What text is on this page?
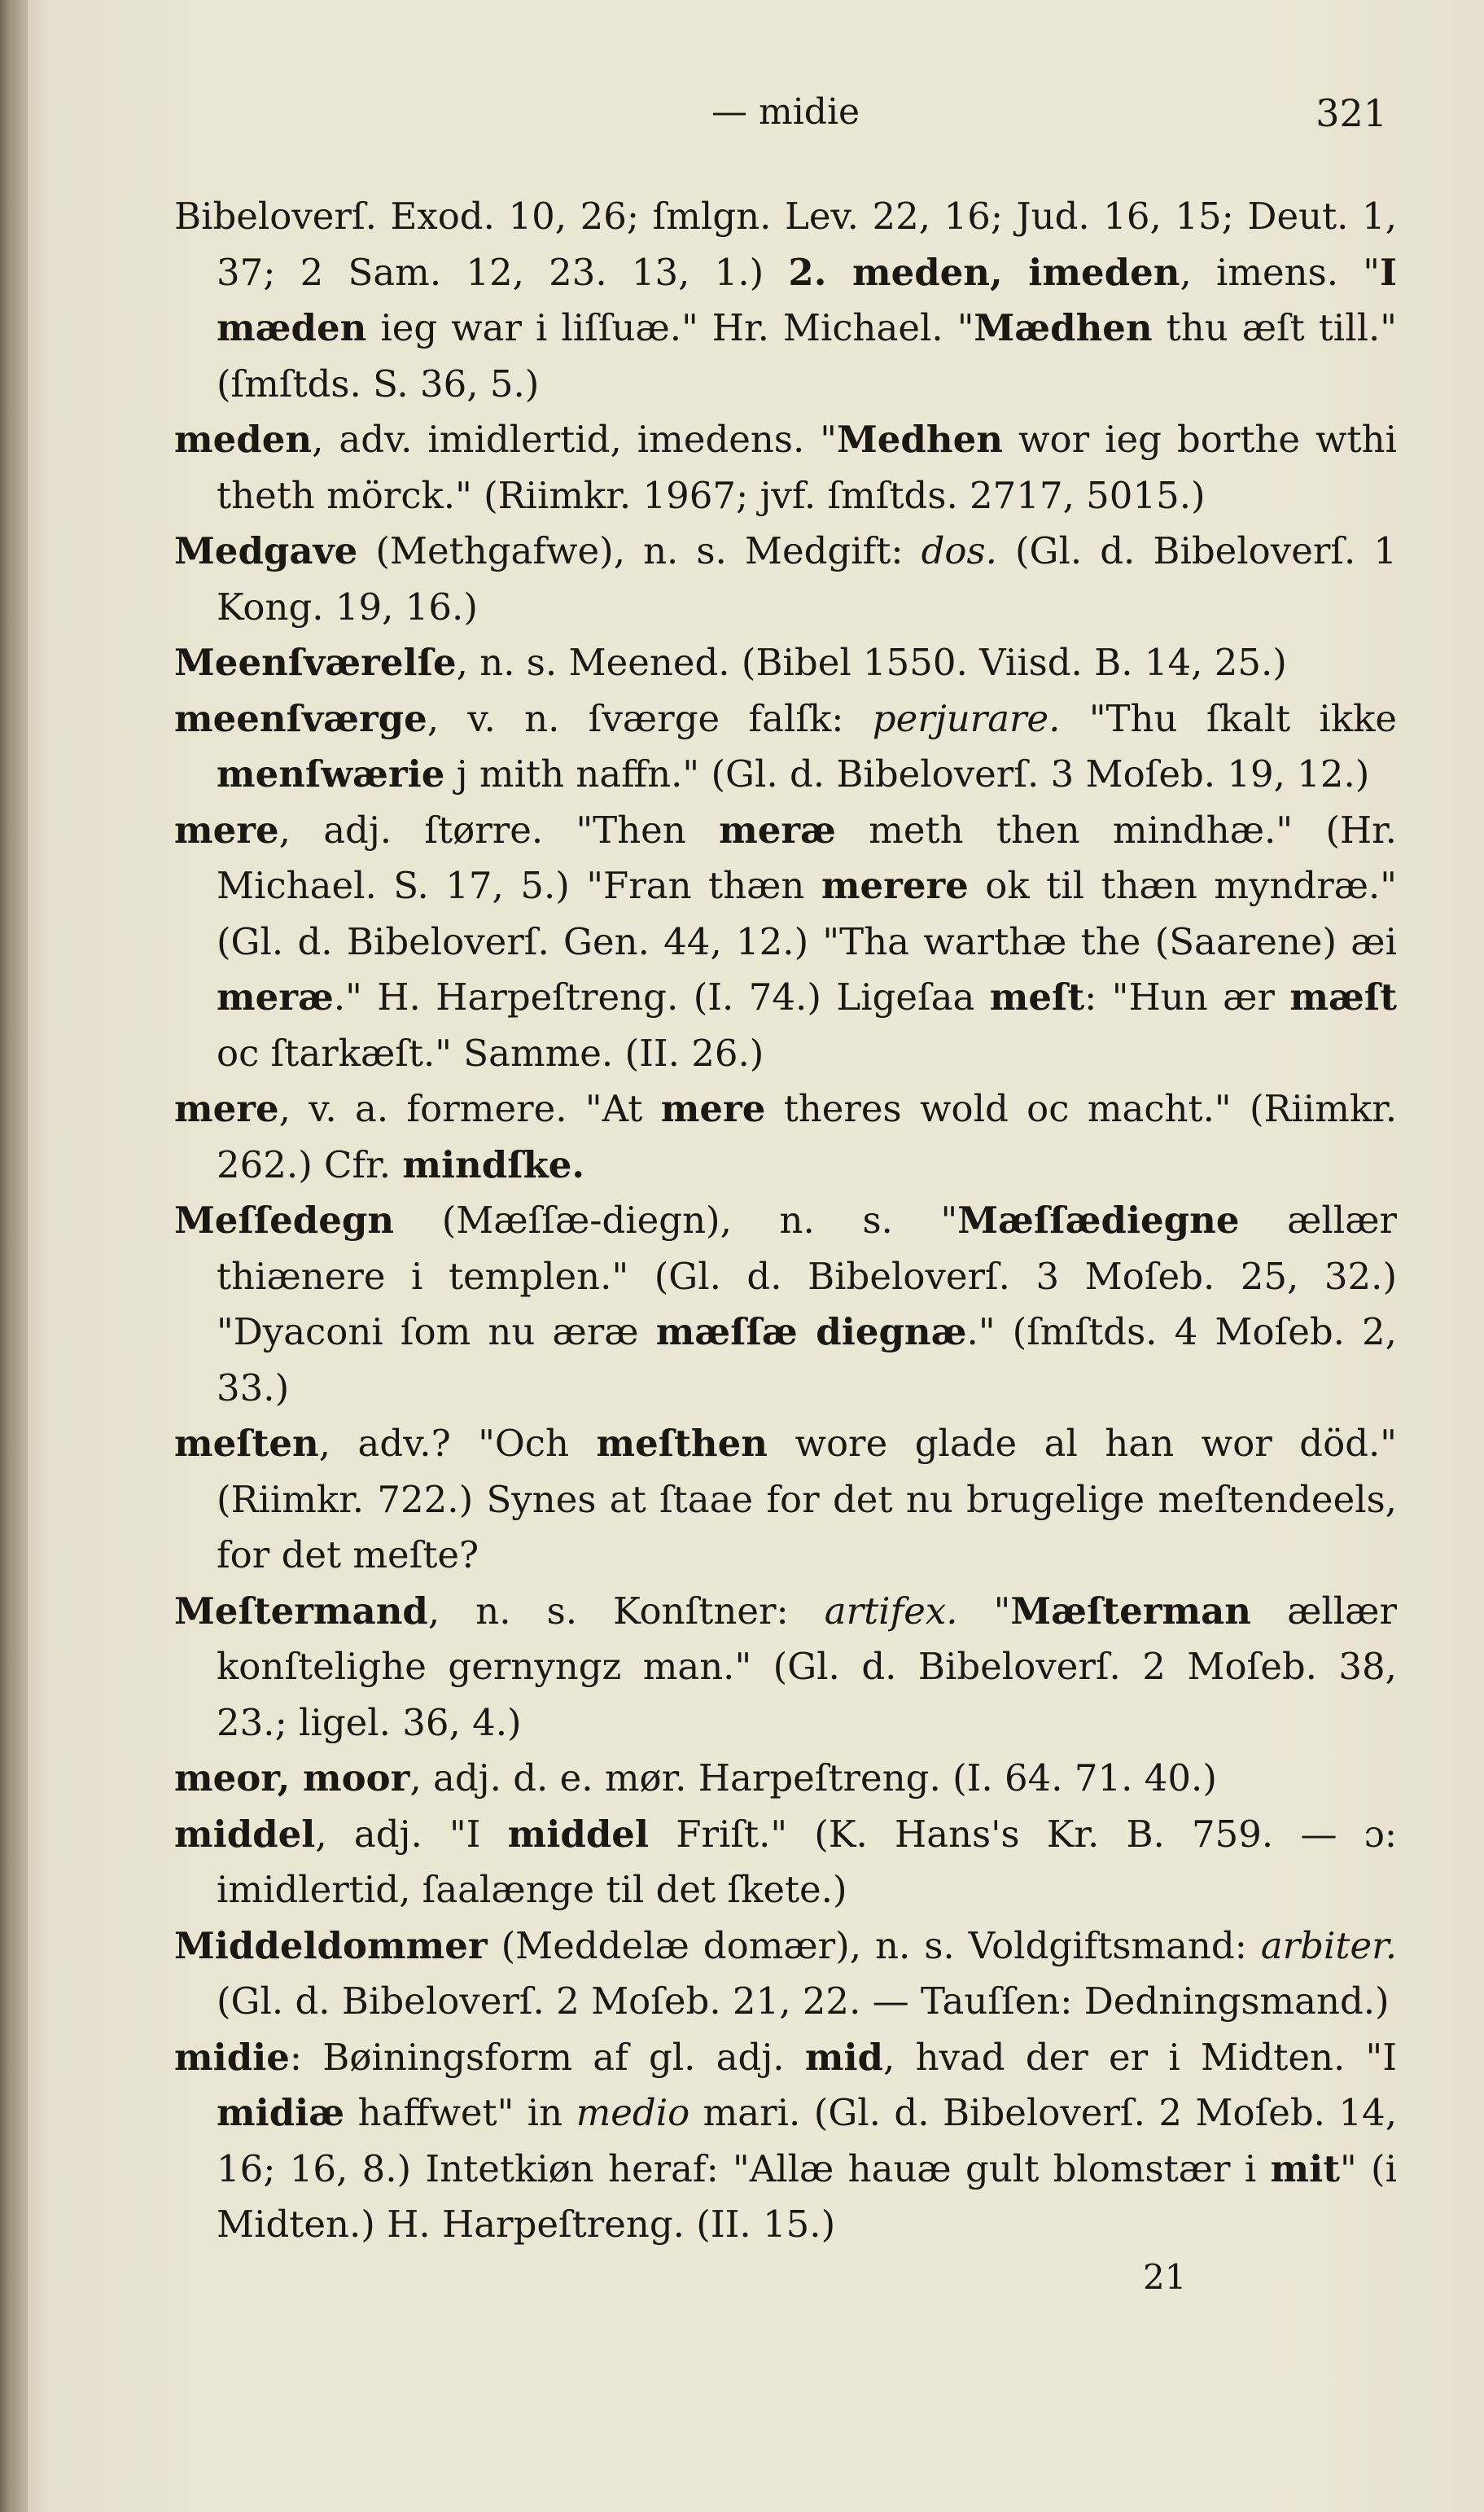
— midie	321
Bibeloverſ. Exod. 10, 26; ſmlgn. Lev. 22, 16; Jud. 16, 15; Deut. 1, 37; 2 Sam. 12, 23. 13, 1.) 2. meden, imeden, imens. "I mæden ieg war i liſſuæ." Hr. Michael. "Mædhen thu æſt till." (ſmſtds. S. 36, 5.)
meden, adv. imidlertid, imedens. "Medhen wor ieg borthe wthi theth mörck." (Riimkr. 1967; jvf. ſmſtds. 2717, 5015.)
Medgave (Methgafwe), n. s. Medgift: dos. (Gl. d. Bibeloverſ. 1 Kong. 19, 16.)
Meenſværelſe, n. s. Meened. (Bibel 1550. Viisd. B. 14, 25.)
meenſværge, v. n. ſværge falſk: perjurare. "Thu ſkalt ikke menſwærie j mith naffn." (Gl. d. Bibeloverſ. 3 Moſeb. 19, 12.)
mere, adj. ſtørre. "Then meræ meth then mindhæ." (Hr. Michael. S. 17, 5.) "Fran thæn merere ok til thæn myndræ." (Gl. d. Bibeloverſ. Gen. 44, 12.) "Tha warthæ the (Saarene) æi meræ." H. Harpeſtreng. (I. 74.) Ligeſaa meſt: "Hun ær mæſt oc ſtarkæſt." Samme. (II. 26.)
mere, v. a. formere. "At mere theres wold oc macht." (Riimkr. 262.) Cfr. mindſke.
Meſſedegn (Mæſſæ-diegn), n. s. "Mæſſædiegne ællær thiænere i templen." (Gl. d. Bibeloverſ. 3 Moſeb. 25, 32.) "Dyaconi ſom nu æræ mæſſæ diegnæ." (ſmſtds. 4 Moſeb. 2, 33.)
meſten, adv.? "Och meſthen wore glade al han wor död." (Riimkr. 722.) Synes at ſtaae for det nu brugelige meſtendeels, for det meſte?
Meſtermand, n. s. Konſtner: artifex. "Mæſterman ællær konſtelighe gernyngz man." (Gl. d. Bibeloverſ. 2 Moſeb. 38, 23.; ligel. 36, 4.)
meor, moor, adj. d. e. mør. Harpeſtreng. (I. 64. 71. 40.)
middel, adj. "I middel Friſt." (K. Hans's Kr. B. 759. — ɔ: imidlertid, ſaalænge til det ſkete.)
Middeldommer (Meddelæ domær), n. s. Voldgiftsmand: arbiter. (Gl. d. Bibeloverſ. 2 Moſeb. 21, 22. — Tauſſen: Dedningsmand.)
midie: Bøiningsform af gl. adj. mid, hvad der er i Midten. "I midiæ haffwet" in medio mari. (Gl. d. Bibeloverſ. 2 Moſeb. 14, 16; 16, 8.) Intetkiøn heraf: "Allæ hauæ gult blomstær i mit" (i Midten.) H. Harpeſtreng. (II. 15.)
21
